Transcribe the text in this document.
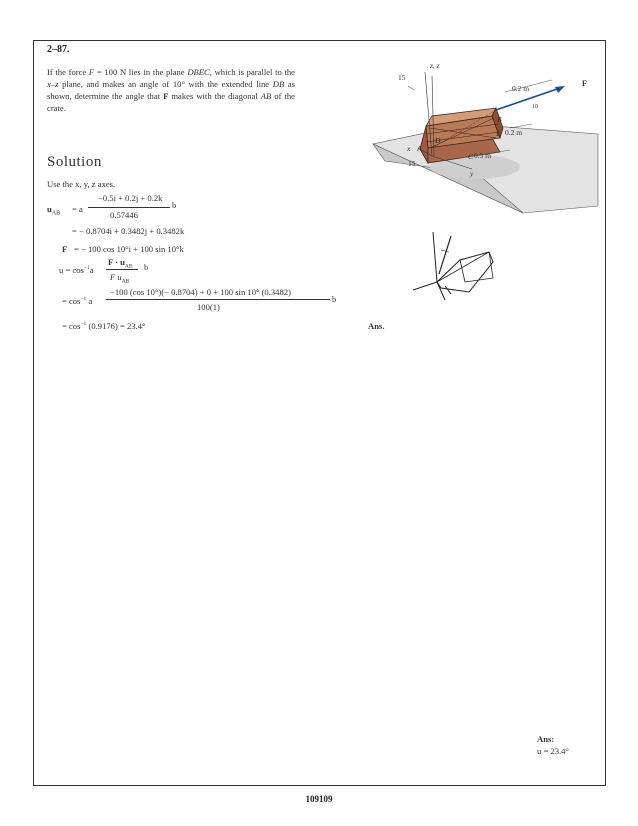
2–87.
If the force F = 100 N lies in the plane DBEC, which is parallel to the x–z plane, and makes an angle of 10° with the extended line DB as shown, determine the angle that F makes with the diagonal AB of the crate.
Solution
Use the x, y, z axes.
$u_{AB} = a$
−0.5i + 0.2j + 0.2k
0.57446
b
= − 0.8704i + 0.3482j + 0.3482k
F = − 100 cos 10°i + 100 sin 10°k
$u = \cos^{-1}a$
$F \cdot u_{AB}$
F $u_{AB}$
b
= $\cos^{-1} a$
−100 (cos 10°)(− 0.8704) + 0 + 100 sin 10° (0.3482)
100(1)
b
= $\cos^{-1} (0.9176) = 23.4^\circ$	Ans.
z, z
15
0.2 m
F
B
10
D
E 0.2 m
x A
0.5 m
C
15
y
Ans:
u = 23.4°
109109
